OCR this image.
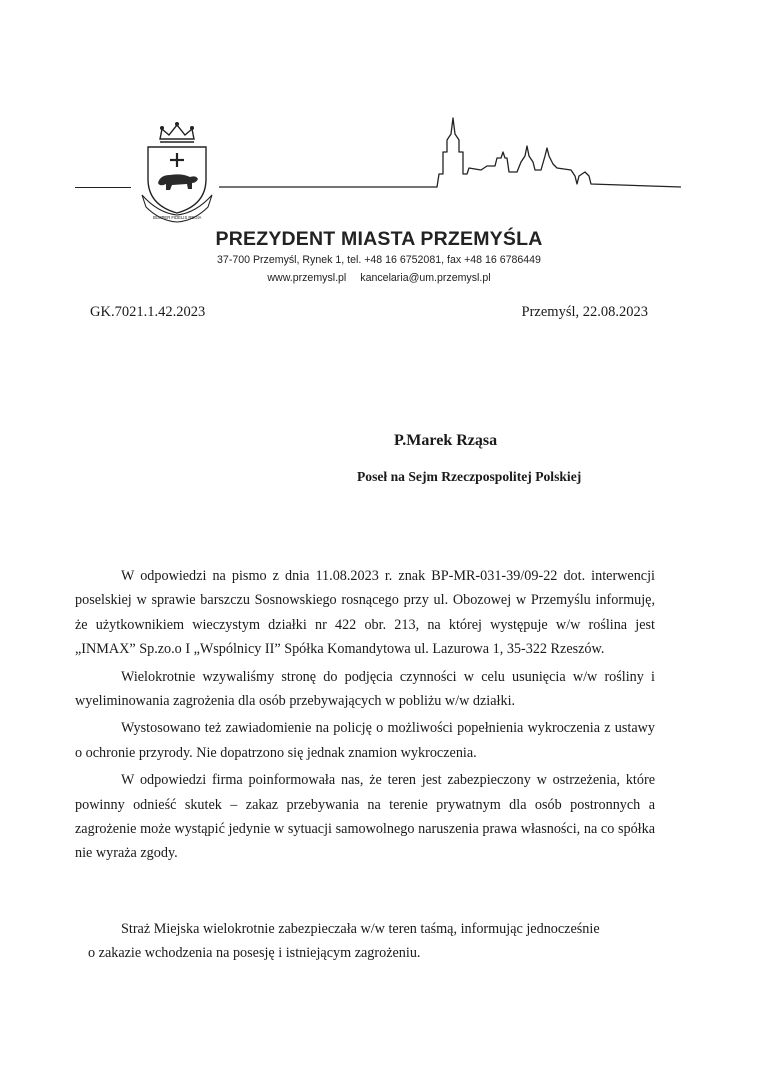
SEMPER FIDELIS REGIA
PREZYDENT MIASTA PRZEMYŚLA
37-700 Przemyśl, Rynek 1, tel. +48 16 6752081, fax +48 16 6786449
www.przemysl.pl kancelaria@um.przemysl.pl
GK.7021.1.42.2023	Przemyśl, 22.08.2023
P.Marek Rząsa
Poseł na Sejm Rzeczpospolitej Polskiej

W odpowiedzi na pismo z dnia 11.08.2023 r. znak BP-MR-031-39/09-22 dot. interwencji poselskiej w sprawie barszczu Sosnowskiego rosnącego przy ul. Obozowej w Przemyślu informuję, że użytkownikiem wieczystym działki nr 422 obr. 213, na której występuje w/w roślina jest „INMAX” Sp.zo.o I „Wspólnicy II” Spółka Komandytowa ul. Lazurowa 1, 35-322 Rzeszów.

Wielokrotnie wzywaliśmy stronę do podjęcia czynności w celu usunięcia w/w rośliny i wyeliminowania zagrożenia dla osób przebywających w pobliżu w/w działki.

Wystosowano też zawiadomienie na policję o możliwości popełnienia wykroczenia z ustawy o ochronie przyrody. Nie dopatrzono się jednak znamion wykroczenia.

W odpowiedzi firma poinformowała nas, że teren jest zabezpieczony w ostrzeżenia, które powinny odnieść skutek – zakaz przebywania na terenie prywatnym dla osób postronnych a zagrożenie może wystąpić jedynie w sytuacji samowolnego naruszenia prawa własności, na co spółka nie wyraża zgody.

Straż Miejska wielokrotnie zabezpieczała w/w teren taśmą, informując jednocześnie
o zakazie wchodzenia na posesję i istniejącym zagrożeniu.
